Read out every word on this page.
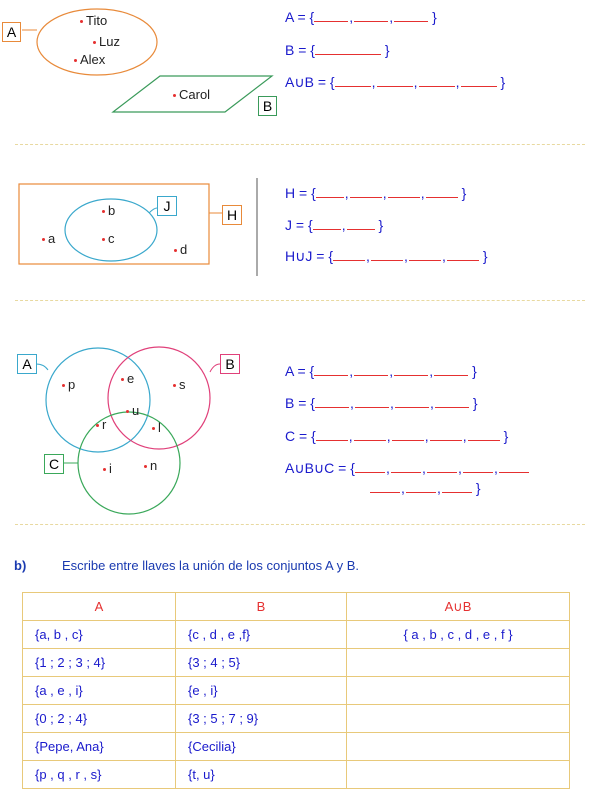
A
B
Tito
Luz
Alex
Carol
A = {	,	,	}
B = {	}
A∪B = {	,	,	,	}
J
H
b
c
a
d
H = { , , , }
J = { , }
H∪J = { , , , }
A	B
C
p	e	s
u
r	l
i	n
A = {	,	,	,	}
B = {	,	,	,	}
C = { , , , , }
A∪B∪C = { , , , ,
, , }
b)	Escribe entre llaves la unión de los conjuntos A y B.
A	B	A∪B
{a, b , c}	{c , d , e ,f}	{ a , b , c , d , e , f }
{1 ; 2 ; 3 ; 4}	{3 ; 4 ; 5}	
{a , e , i}	{e , i}	
{0 ; 2 ; 4}	{3 ; 5 ; 7 ; 9}	
{Pepe, Ana}	{Cecilia}	
{p , q , r , s}	{t, u}	
